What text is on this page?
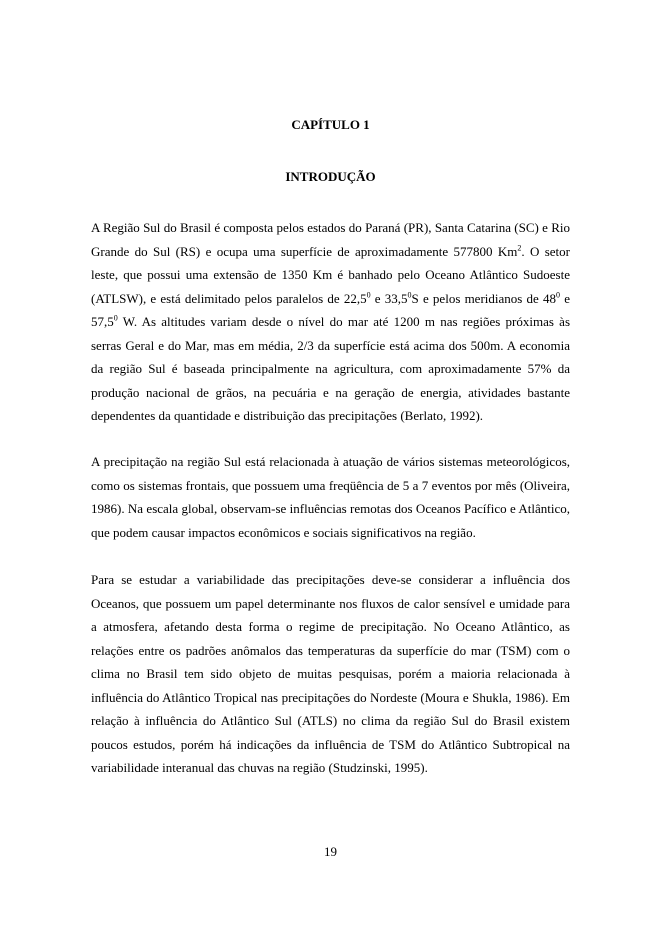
CAPÍTULO 1
INTRODUÇÃO

A Região Sul do Brasil é composta pelos estados do Paraná (PR), Santa Catarina (SC) e Rio Grande do Sul (RS) e ocupa uma superfície de aproximadamente 577800 Km$^2$. O setor leste, que possui uma extensão de 1350 Km é banhado pelo Oceano Atlântico Sudoeste (ATLSW), e está delimitado pelos paralelos de 22,5$^0$ e 33,5$^0$S e pelos meridianos de $48^0$ e 57,5$^0$ W. As altitudes variam desde o nível do mar até 1200 m nas regiões próximas às serras Geral e do Mar, mas em média, 2/3 da superfície está acima dos 500m. A economia da região Sul é baseada principalmente na agricultura, com aproximadamente 57% da produção nacional de grãos, na pecuária e na geração de energia, atividades bastante dependentes da quantidade e distribuição das precipitações (Berlato, 1992).

A precipitação na região Sul está relacionada à atuação de vários sistemas meteorológicos, como os sistemas frontais, que possuem uma freqüência de 5 a 7 eventos por mês (Oliveira, 1986). Na escala global, observam-se influências remotas dos Oceanos Pacífico e Atlântico, que podem causar impactos econômicos e sociais significativos na região.

Para se estudar a variabilidade das precipitações deve-se considerar a influência dos Oceanos, que possuem um papel determinante nos fluxos de calor sensível e umidade para a atmosfera, afetando desta forma o regime de precipitação. No Oceano Atlântico, as relações entre os padrões anômalos das temperaturas da superfície do mar (TSM) com o clima no Brasil tem sido objeto de muitas pesquisas, porém a maioria relacionada à influência do Atlântico Tropical nas precipitações do Nordeste (Moura e Shukla, 1986). Em relação à influência do Atlântico Sul (ATLS) no clima da região Sul do Brasil existem poucos estudos, porém há indicações da influência de TSM do Atlântico Subtropical na variabilidade interanual das chuvas na região (Studzinski, 1995).

19
